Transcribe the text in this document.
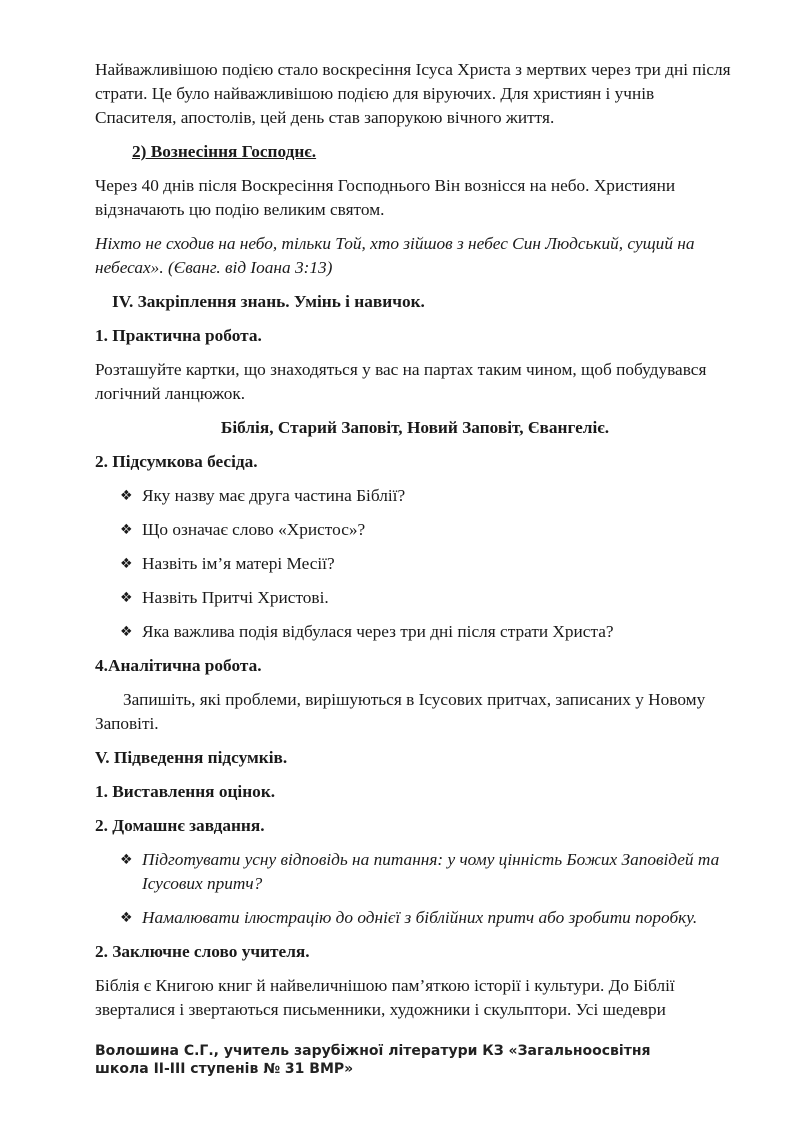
Найважливішою подією стало воскресіння Ісуса Христа з мертвих через три дні після страти. Це було найважливішою подією для віруючих. Для християн і учнів Спасителя, апостолів, цей день став запорукою вічного життя.

2) Вознесіння Господнє.

Через 40 днів після Воскресіння Господнього Він вознісся на небо. Християни відзначають цю подію великим святом.

Ніхто не сходив на небо, тільки Той, хто зійшов з небес Син Людський, сущий на небесах». (Єванг. від Іоана 3:13)

IV. Закріплення знань. Умінь і навичок.

1. Практична робота.

Розташуйте картки, що знаходяться у вас на партах таким чином, щоб побудувався логічний ланцюжок.

Біблія, Старий Заповіт, Новий Заповіт, Євангеліє.

2. Підсумкова бесіда.

❖ Яку назву має друга частина Біблії?
❖ Що означає слово «Христос»?
❖ Назвіть ім’я матері Месії?
❖ Назвіть Притчі Христові.
❖ Яка важлива подія відбулася через три дні після страти Христа?

4.Аналітична робота.

Запишіть, які проблеми, вирішуються в Ісусових притчах, записаних у Новому Заповіті.

V. Підведення підсумків.

1. Виставлення оцінок.

2. Домашнє завдання.

❖ Підготувати усну відповідь на питання: у чому цінність Божих Заповідей та Ісусових притч?
❖ Намалювати ілюстрацію до однієї з біблійних притч або зробити поробку.

2. Заключне слово учителя.

Біблія є Книгою книг й найвеличнішою пам’яткою історії і культури. До Біблії зверталися і звертаються письменники, художники і скульптори. Усі шедеври

Волошина С.Г., учитель зарубіжної літератури КЗ «Загальноосвітня
школа ІІ-ІІІ ступенів № 31 ВМР»
